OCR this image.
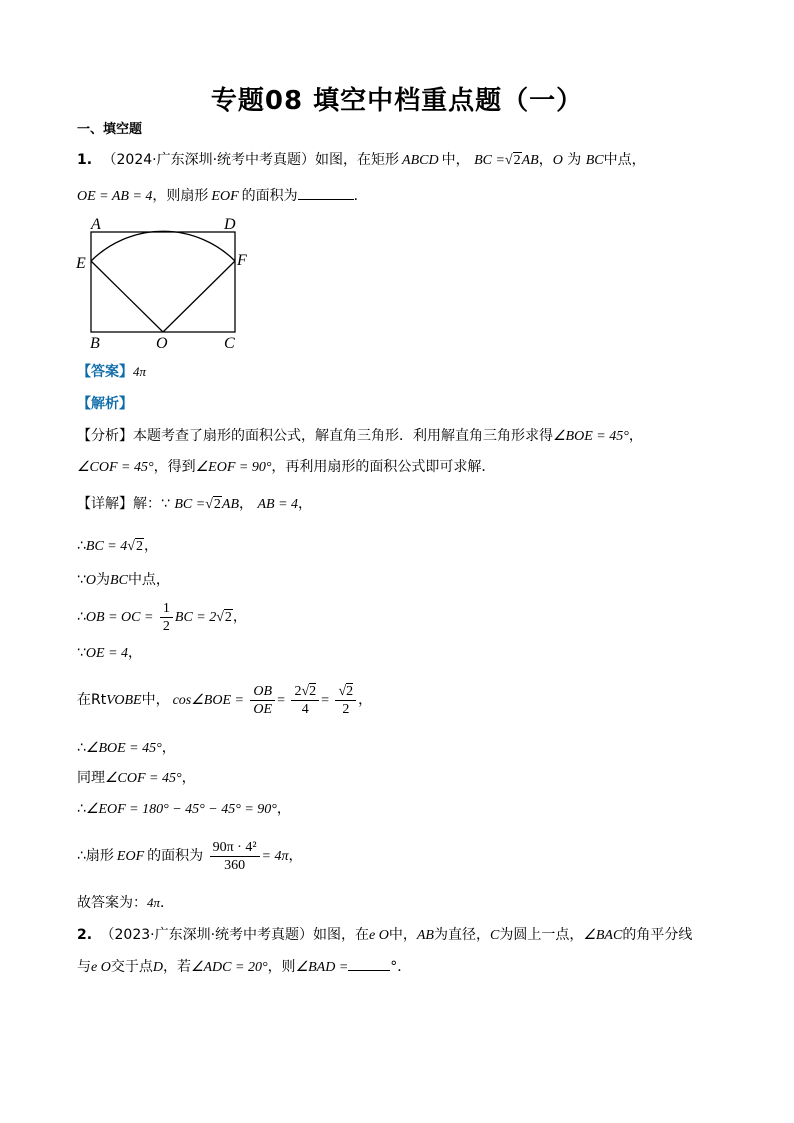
专题08 填空中档重点题（一）
一、填空题
1. （2024·广东深圳·统考中考真题）如图，在矩形 ABCD 中， BC =√2AB，O 为 BC中点，
OE = AB = 4，则扇形 EOF 的面积为	．
A	D
E	F
B	O	C
【答案】4π
【解析】
【分析】本题考查了扇形的面积公式，解直角三角形．利用解直角三角形求得∠BOE = 45°，
∠COF = 45°，得到∠EOF = 90°，再利用扇形的面积公式即可求解．
【详解】解：∵ BC =√2AB， AB = 4，
∴BC = 4√2，
∵O为BC中点，
∴OB = OC = $\frac{1}{2}$ BC = 2√2，
∵OE = 4，
在RtVOBE中， cos∠BOE = $\frac{OB}{OE} = \frac{2√2}{4} = \frac{√2}{2}$ ，
∴∠BOE = 45°，
同理∠COF = 45°，
∴∠EOF = 180° − 45° − 45° = 90°，
∴扇形 EOF 的面积为 $\frac{\text{90π · 4²}}{360} = 4\pi$，
故答案为：4π．
2. （2023·广东深圳·统考中考真题）如图，在e O中，AB为直径，C为圆上一点，∠BAC的角平分线
与e O交于点D，若∠ADC = 20°，则∠BAD =	°．
